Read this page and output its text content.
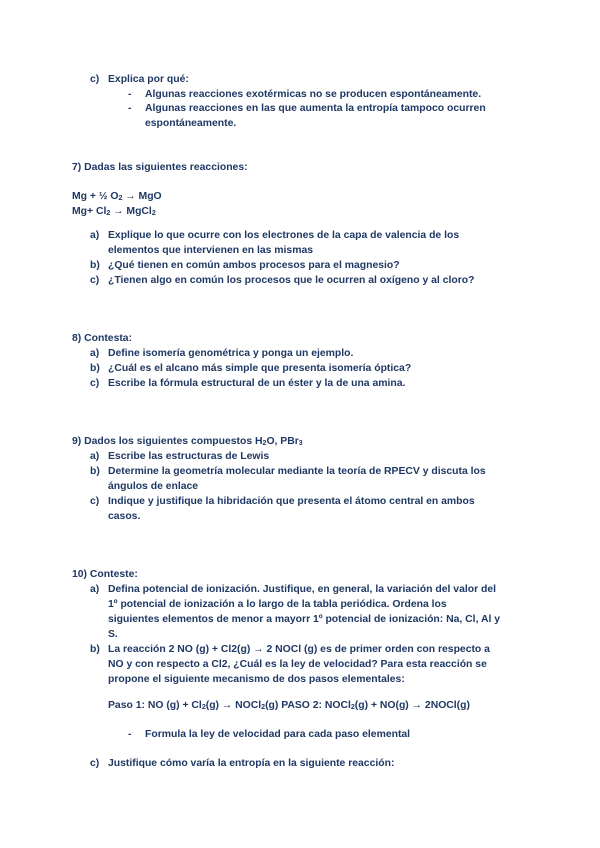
c) Explica por qué:
- Algunas reacciones exotérmicas no se producen espontáneamente.
- Algunas reacciones en las que aumenta la entropía tampoco ocurren
espontáneamente.
7) Dadas las siguientes reacciones:
Mg + ½ $O_2$ → MgO
$Mg+ Cl_2$ → MgCl$_2$
a) Explique lo que ocurre con los electrones de la capa de valencia de los
elementos que intervienen en las mismas
b) ¿Qué tienen en común ambos procesos para el magnesio?
c) ¿Tienen algo en común los procesos que le ocurren al oxígeno y al cloro?
8) Contesta:
a) Define isomería genométrica y ponga un ejemplo.
b) ¿Cuál es el alcano más simple que presenta isomería óptica?
c) Escribe la fórmula estructural de un éster y la de una amina.
9) Dados los siguientes compuestos $H_2O$, PBr$_3$
a) Escribe las estructuras de Lewis
b) Determine la geometría molecular mediante la teoría de RPECV y discuta los
ángulos de enlace
c) Indique y justifique la hibridación que presenta el átomo central en ambos
casos.
10) Conteste:
a) Defina potencial de ionización. Justifique, en general, la variación del valor del
1º potencial de ionización a lo largo de la tabla periódica. Ordena los
siguientes elementos de menor a mayorr 1º potencial de ionización: Na, Cl, Al y
S.
b) La reacción 2 NO (g) + Cl2(g) → 2 NOCl (g) es de primer orden con respecto a
NO y con respecto a Cl2, ¿Cuál es la ley de velocidad? Para esta reacción se
propone el siguiente mecanismo de dos pasos elementales:
Paso 1: NO $(g) + Cl_2(g)$ → NOCl$_2$(g) PASO 2: NOCl$_2$(g) + NO(g) → 2NOCl(g)
- Formula la ley de velocidad para cada paso elemental
c) Justifique cómo varía la entropía en la siguiente reacción:
